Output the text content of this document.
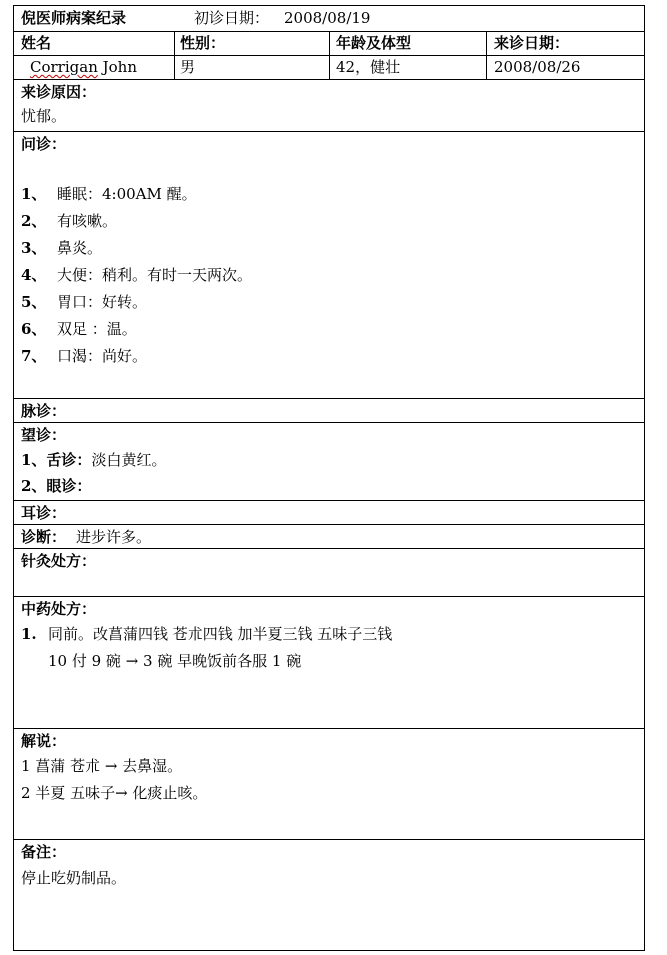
倪医师病案纪录	初诊日期： 2008/08/19
姓名	性别：	年龄及体型	来诊日期：
Corrigan John	男	42，健壮	2008/08/26
来诊原因：
忧郁。
问诊：
1、 睡眠：4:00AM 醒。
2、 有咳嗽。
3、 鼻炎。
4、 大便：稍利。有时一天两次。
5、 胃口：好转。
6、 双足 ：温。
7、 口渴：尚好。
脉诊：
望诊：
1、舌诊：淡白黄红。
2、眼诊：
耳诊：
诊断： 进步许多。
针灸处方：
中药处方：
1. 同前。改菖蒲四钱 苍朮四钱 加半夏三钱 五味子三钱
10 付 9 碗 → 3 碗 早晚饭前各服 1 碗
解说：
1 菖蒲 苍朮 → 去鼻湿。
2 半夏 五味子→ 化痰止咳。
备注：
停止吃奶制品。
